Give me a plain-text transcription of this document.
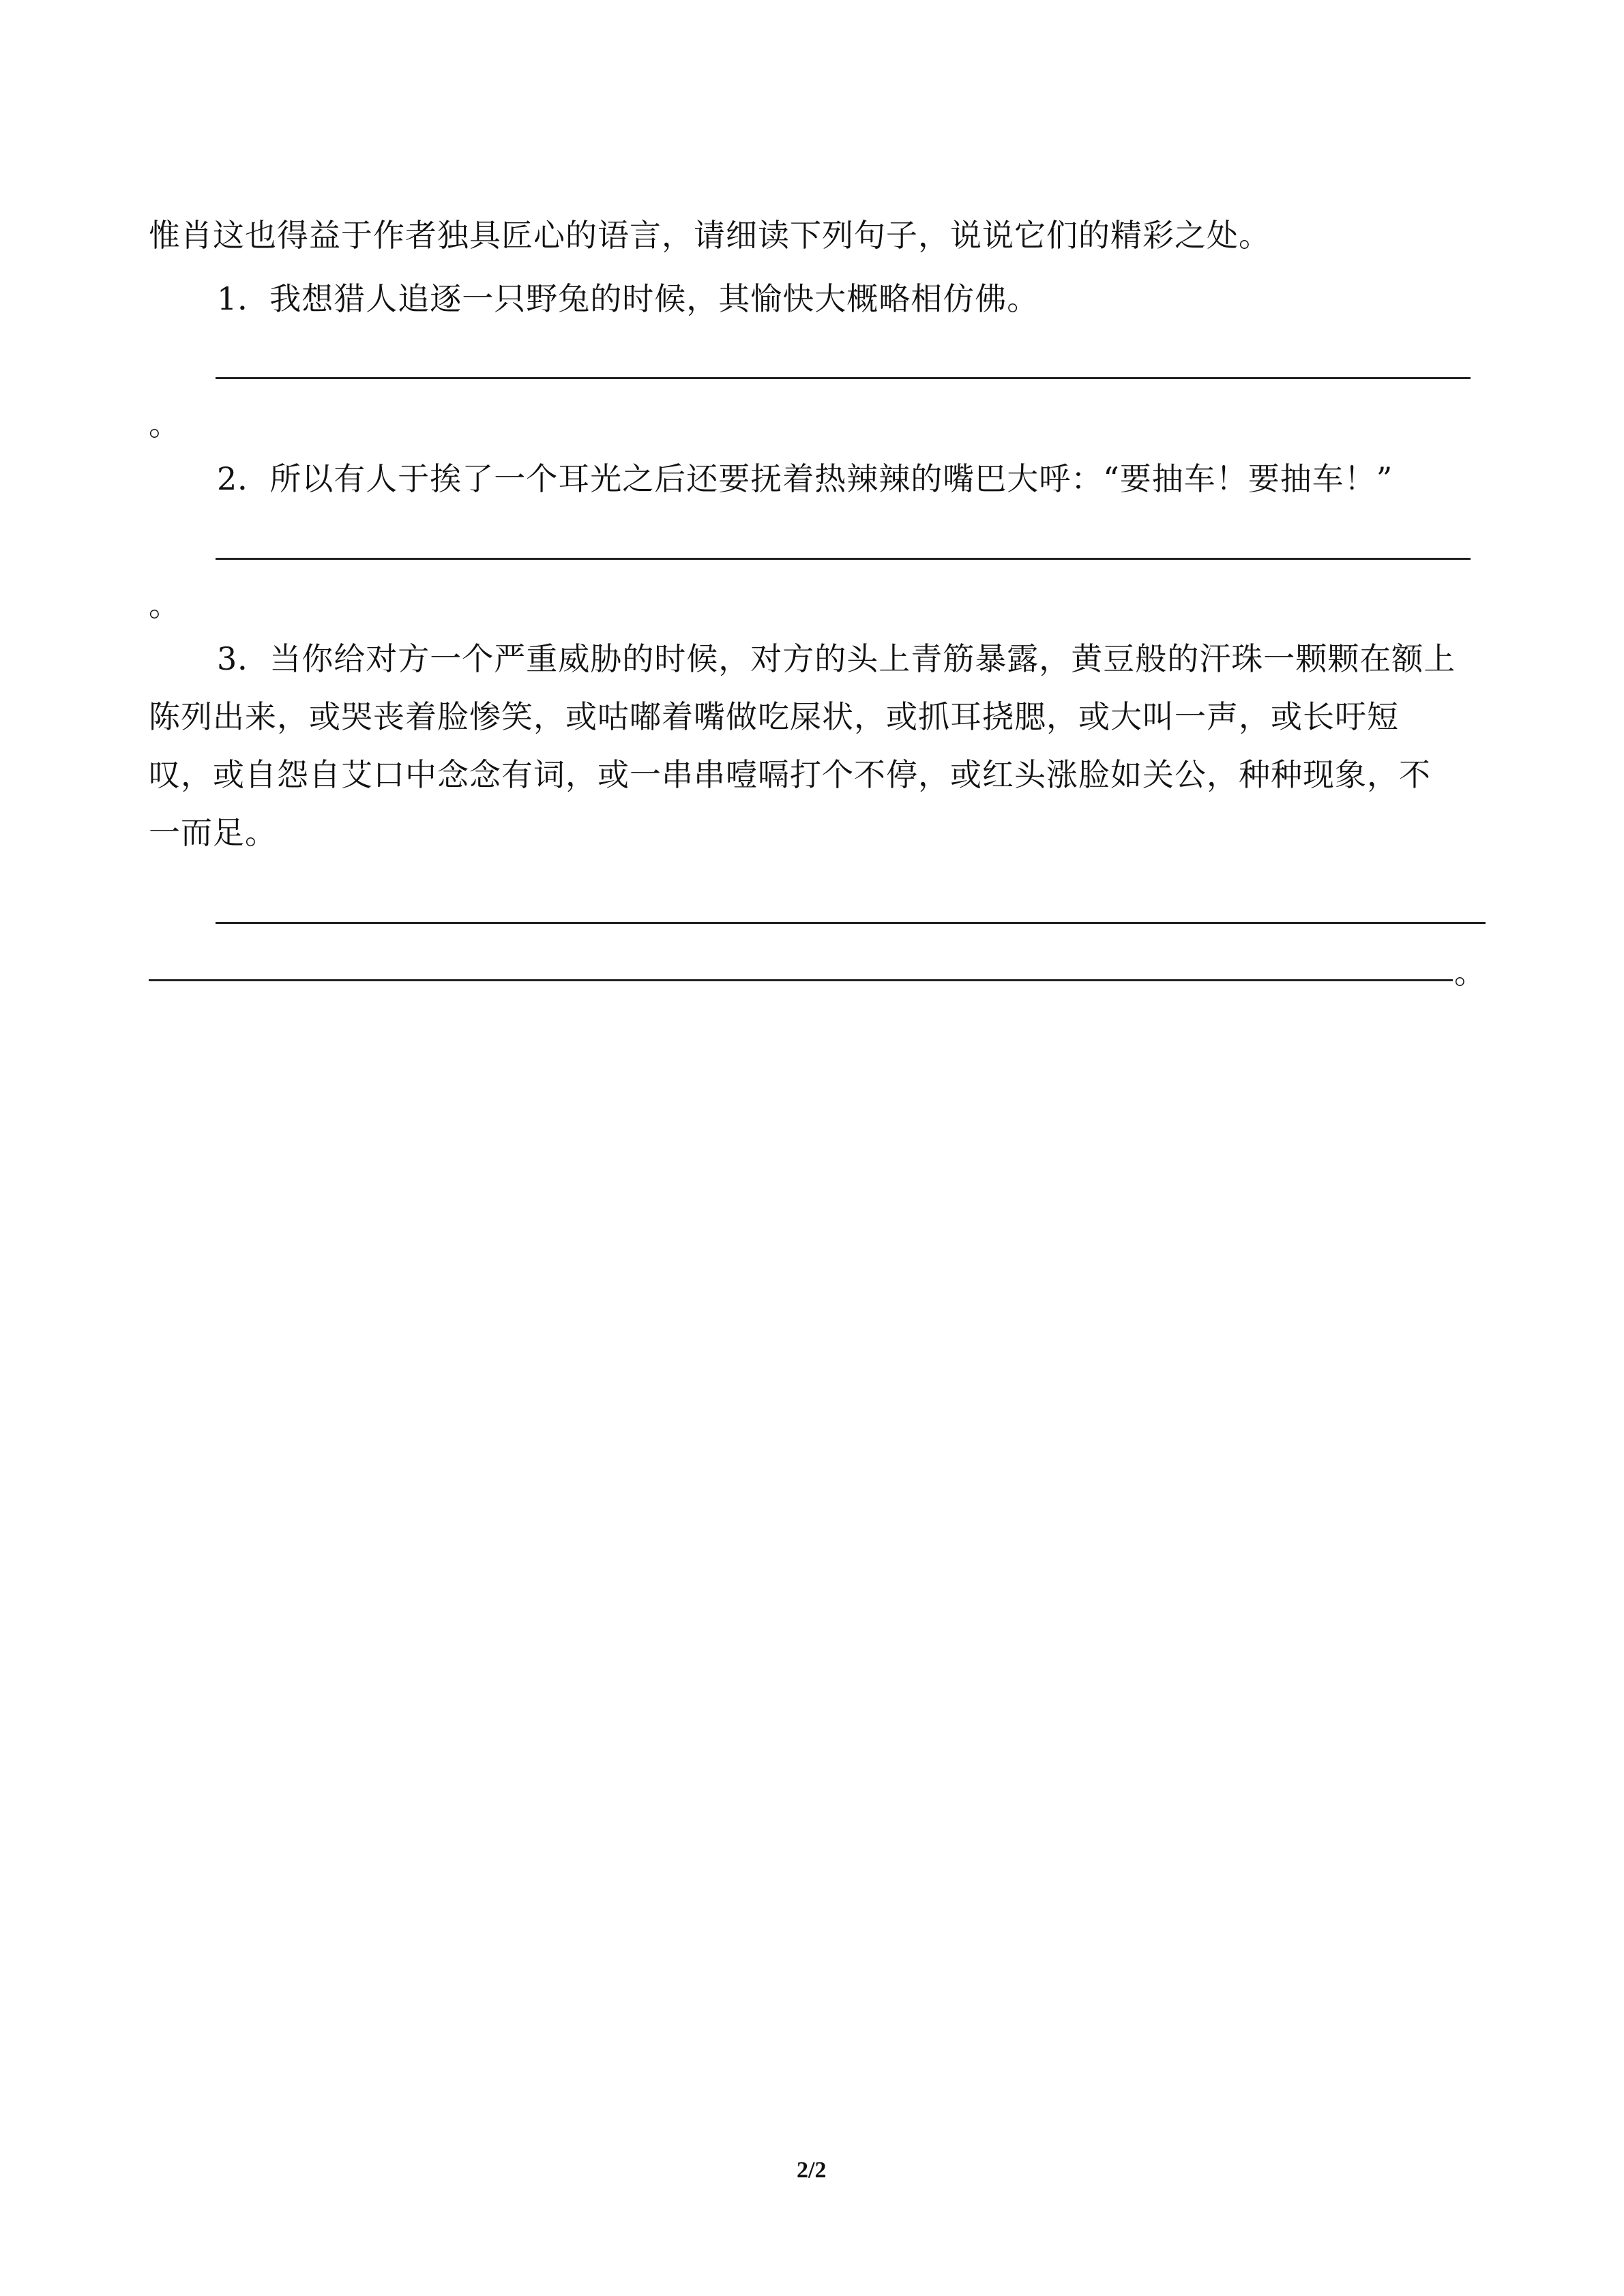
惟肖这也得益于作者独具匠心的语言，请细读下列句子，说说它们的精彩之处。
1．我想猎人追逐一只野兔的时候，其愉快大概略相仿佛。
。
2．所以有人于挨了一个耳光之后还要抚着热辣辣的嘴巴大呼：“要抽车！要抽车！”
。
3．当你给对方一个严重威胁的时候，对方的头上青筋暴露，黄豆般的汗珠一颗颗在额上
陈列出来，或哭丧着脸惨笑，或咕嘟着嘴做吃屎状，或抓耳挠腮，或大叫一声，或长吁短
叹，或自怨自艾口中念念有词，或一串串噎嗝打个不停，或红头涨脸如关公，种种现象，不
一而足。
。
2/2
